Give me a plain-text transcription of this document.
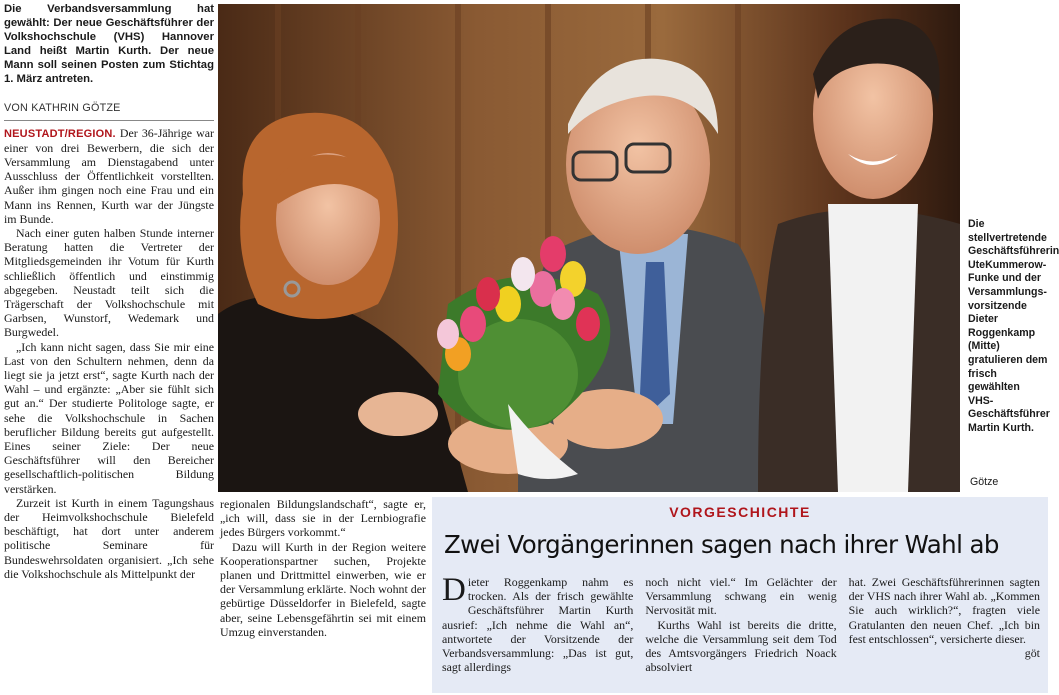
Die Verbandsversammlung hat gewählt: Der neue Geschäftsführer der Volkshochschule (VHS) Hannover Land heißt Martin Kurth. Der neue Mann soll seinen Posten zum Stichtag 1. März antreten.
VON KATHRIN GÖTZE

NEUSTADT/REGION. Der 36-Jährige war einer von drei Bewerbern, die sich der Versammlung am Dienstagabend unter Ausschluss der Öffentlichkeit vorstellten. Außer ihm gingen noch eine Frau und ein Mann ins Rennen, Kurth war der Jüngste im Bunde.

Nach einer guten halben Stunde interner Beratung hatten die Vertreter der Mitgliedsgemeinden ihr Votum für Kurth schließlich öffentlich und einstimmig abgegeben. Neustadt teilt sich die Trägerschaft der Volkshochschule mit Garbsen, Wunstorf, Wedemark und Burgwedel.

„Ich kann nicht sagen, dass Sie mir eine Last von den Schultern nehmen, denn da liegt sie ja jetzt erst“, sagte Kurth nach der Wahl – und ergänzte: „Aber sie fühlt sich gut an.“ Der studierte Politologe sagte, er sehe die Volkshochschule in Sachen beruflicher Bildung bereits gut aufgestellt. Eines seiner Ziele: Der neue Geschäftsführer will den Bereicher gesellschaftlich-politischen Bildung verstärken.

Zurzeit ist Kurth in einem Tagungshaus der Heimvolkshochschule Bielefeld beschäftigt, hat dort unter anderem politische Seminare für Bundeswehrsoldaten organisiert. „Ich sehe die Volkshochschule als Mittelpunkt der

Die stellvertretende Geschäftsführerin UteKummerow-Funke und der Versammlungs-vorsitzende Dieter Roggenkamp (Mitte) gratulieren dem frisch gewählten VHS-Geschäftsführer Martin Kurth.
Götze

regionalen Bildungslandschaft“, sagte er, „ich will, dass sie in der Lernbiografie jedes Bürgers vorkommt.“

Dazu will Kurth in der Region weitere Kooperationspartner suchen, Projekte planen und Drittmittel einwerben, wie er der Versammlung erklärte. Noch wohnt der gebürtige Düsseldorfer in Bielefeld, sagte aber, seine Lebensgefährtin sei mit einem Umzug einverstanden.

VORGESCHICHTE
Zwei Vorgängerinnen sagen nach ihrer Wahl ab

Dieter Roggenkamp nahm es trocken. Als der frisch gewählte Geschäftsführer Martin Kurth ausrief: „Ich nehme die Wahl an“, antwortete der Vorsitzende der Verbandsversammlung: „Das ist gut, sagt allerdings

noch nicht viel.“ Im Gelächter der Versammlung schwang ein wenig Nervosität mit.

Kurths Wahl ist bereits die dritte, welche die Versammlung seit dem Tod des Amtsvorgängers Friedrich Noack absolviert

hat. Zwei Geschäftsführerinnen sagten der VHS nach ihrer Wahl ab. „Kommen Sie auch wirklich?“, fragten viele Gratulanten den neuen Chef. „Ich bin fest entschlossen“, versicherte dieser.
göt
